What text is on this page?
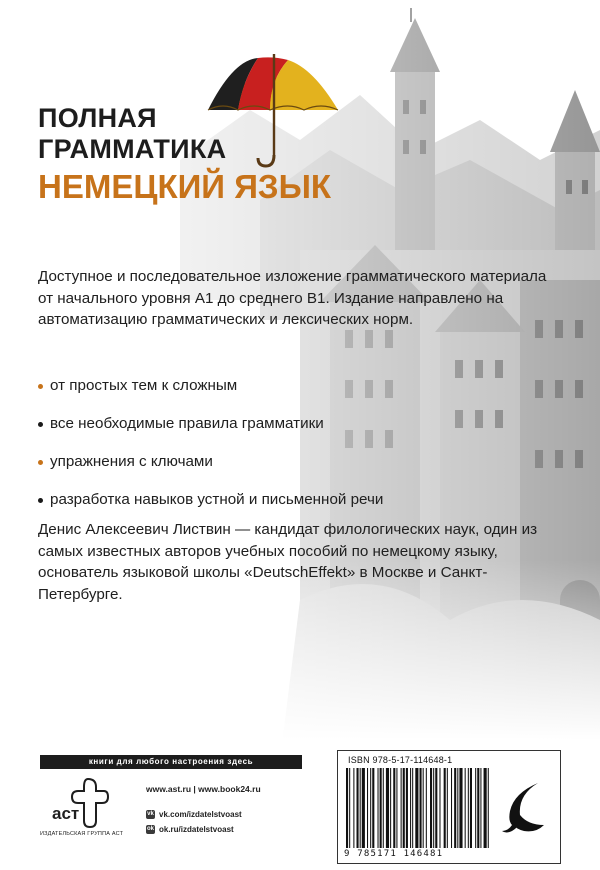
ПОЛНАЯ
ГРАММАТИКА
НЕМЕЦКИЙ ЯЗЫК
Доступное и последовательное изложение грамматического материала от начального уровня А1 до среднего В1. Издание направлено на автоматизацию грамматических и лексических норм.
от простых тем к сложным
все необходимые правила грамматики
упражнения с ключами
разработка навыков устной и письменной речи
Денис Алексеевич Листвин — кандидат филологических наук, один из самых известных авторов учебных пособий по немецкому языку, основатель языковой школы «DeutschEffekt» в Москве и Санкт-Петербурге.
книги для любого настроения здесь
аст
ИЗДАТЕЛЬСКАЯ ГРУППА АСТ
www.ast.ru | www.book24.ru
vk vk.com/izdatelstvoast
ok ok.ru/izdatelstvoast
ISBN 978-5-17-114648-1
9 785171 146481
